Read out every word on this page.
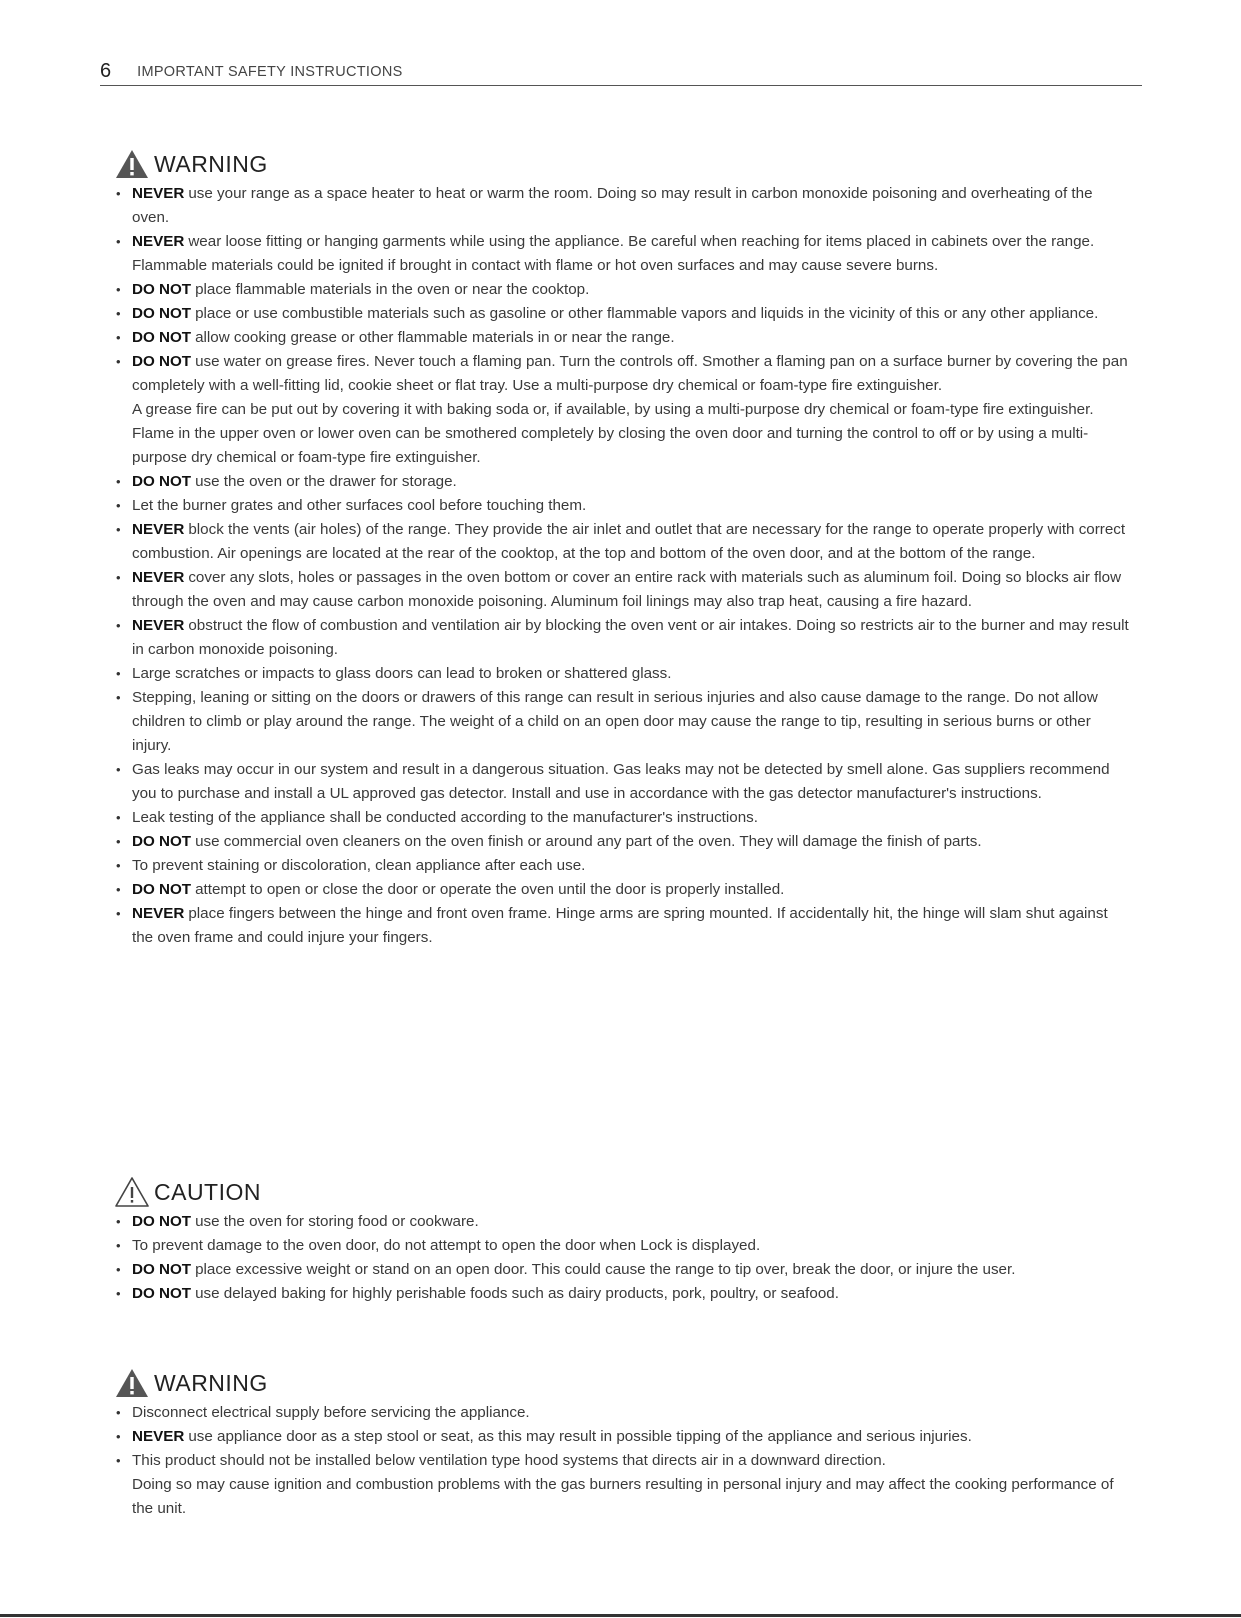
6 IMPORTANT SAFETY INSTRUCTIONS
WARNING
• NEVER use your range as a space heater to heat or warm the room. Doing so may result in carbon monoxide poisoning and overheating of the oven.
• NEVER wear loose fitting or hanging garments while using the appliance. Be careful when reaching for items placed in cabinets over the range. Flammable materials could be ignited if brought in contact with flame or hot oven surfaces and may cause severe burns.
• DO NOT place flammable materials in the oven or near the cooktop.
• DO NOT place or use combustible materials such as gasoline or other flammable vapors and liquids in the vicinity of this or any other appliance.
• DO NOT allow cooking grease or other flammable materials in or near the range.
• DO NOT use water on grease fires. Never touch a flaming pan. Turn the controls off. Smother a flaming pan on a surface burner by covering the pan completely with a well-fitting lid, cookie sheet or flat tray. Use a multi-purpose dry chemical or foam-type fire extinguisher.
A grease fire can be put out by covering it with baking soda or, if available, by using a multi-purpose dry chemical or foam-type fire extinguisher.
Flame in the upper oven or lower oven can be smothered completely by closing the oven door and turning the control to off or by using a multi-purpose dry chemical or foam-type fire extinguisher.
• DO NOT use the oven or the drawer for storage.
• Let the burner grates and other surfaces cool before touching them.
• NEVER block the vents (air holes) of the range. They provide the air inlet and outlet that are necessary for the range to operate properly with correct combustion. Air openings are located at the rear of the cooktop, at the top and bottom of the oven door, and at the bottom of the range.
• NEVER cover any slots, holes or passages in the oven bottom or cover an entire rack with materials such as aluminum foil. Doing so blocks air flow through the oven and may cause carbon monoxide poisoning. Aluminum foil linings may also trap heat, causing a fire hazard.
• NEVER obstruct the flow of combustion and ventilation air by blocking the oven vent or air intakes. Doing so restricts air to the burner and may result in carbon monoxide poisoning.
• Large scratches or impacts to glass doors can lead to broken or shattered glass.
• Stepping, leaning or sitting on the doors or drawers of this range can result in serious injuries and also cause damage to the range. Do not allow children to climb or play around the range. The weight of a child on an open door may cause the range to tip, resulting in serious burns or other injury.
• Gas leaks may occur in our system and result in a dangerous situation. Gas leaks may not be detected by smell alone. Gas suppliers recommend you to purchase and install a UL approved gas detector. Install and use in accordance with the gas detector manufacturer's instructions.
• Leak testing of the appliance shall be conducted according to the manufacturer's instructions.
• DO NOT use commercial oven cleaners on the oven finish or around any part of the oven. They will damage the finish of parts.
• To prevent staining or discoloration, clean appliance after each use.
• DO NOT attempt to open or close the door or operate the oven until the door is properly installed.
• NEVER place fingers between the hinge and front oven frame. Hinge arms are spring mounted. If accidentally hit, the hinge will slam shut against the oven frame and could injure your fingers.
CAUTION
• DO NOT use the oven for storing food or cookware.
• To prevent damage to the oven door, do not attempt to open the door when Lock is displayed.
• DO NOT place excessive weight or stand on an open door. This could cause the range to tip over, break the door, or injure the user.
• DO NOT use delayed baking for highly perishable foods such as dairy products, pork, poultry, or seafood.
WARNING
• Disconnect electrical supply before servicing the appliance.
• NEVER use appliance door as a step stool or seat, as this may result in possible tipping of the appliance and serious injuries.
• This product should not be installed below ventilation type hood systems that directs air in a downward direction.
Doing so may cause ignition and combustion problems with the gas burners resulting in personal injury and may affect the cooking performance of the unit.
